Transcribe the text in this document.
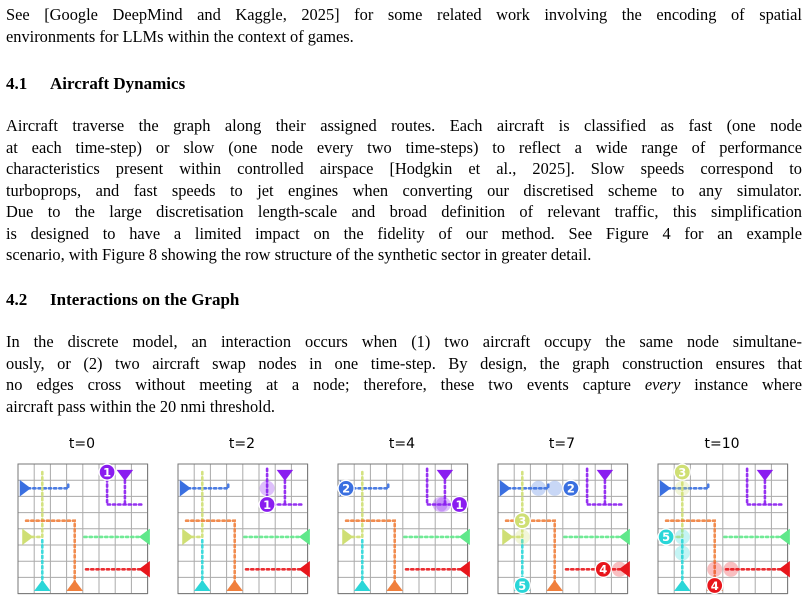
See [Google DeepMind and Kaggle, 2025] for some related work involving the encoding of spatial
environments for LLMs within the context of games.

4.1 Aircraft Dynamics

Aircraft traverse the graph along their assigned routes. Each aircraft is classified as fast (one node
at each time-step) or slow (one node every two time-steps) to reflect a wide range of performance
characteristics present within controlled airspace [Hodgkin et al., 2025]. Slow speeds correspond to
turboprops, and fast speeds to jet engines when converting our discretised scheme to any simulator.
Due to the large discretisation length-scale and broad definition of relevant traffic, this simplification
is designed to have a limited impact on the fidelity of our method. See Figure 4 for an example
scenario, with Figure 8 showing the row structure of the synthetic sector in greater detail.

4.2 Interactions on the Graph

In the discrete model, an interaction occurs when (1) two aircraft occupy the same node simultane-
ously, or (2) two aircraft swap nodes in one time-step. By design, the graph construction ensures that
no edges cross without meeting at a node; therefore, these two events capture every instance where
aircraft pass within the 20 nmi threshold.

t=0
1
t=2
1
t=4
2
1
t=7
2
3
5
4
t=10
3
5
4
